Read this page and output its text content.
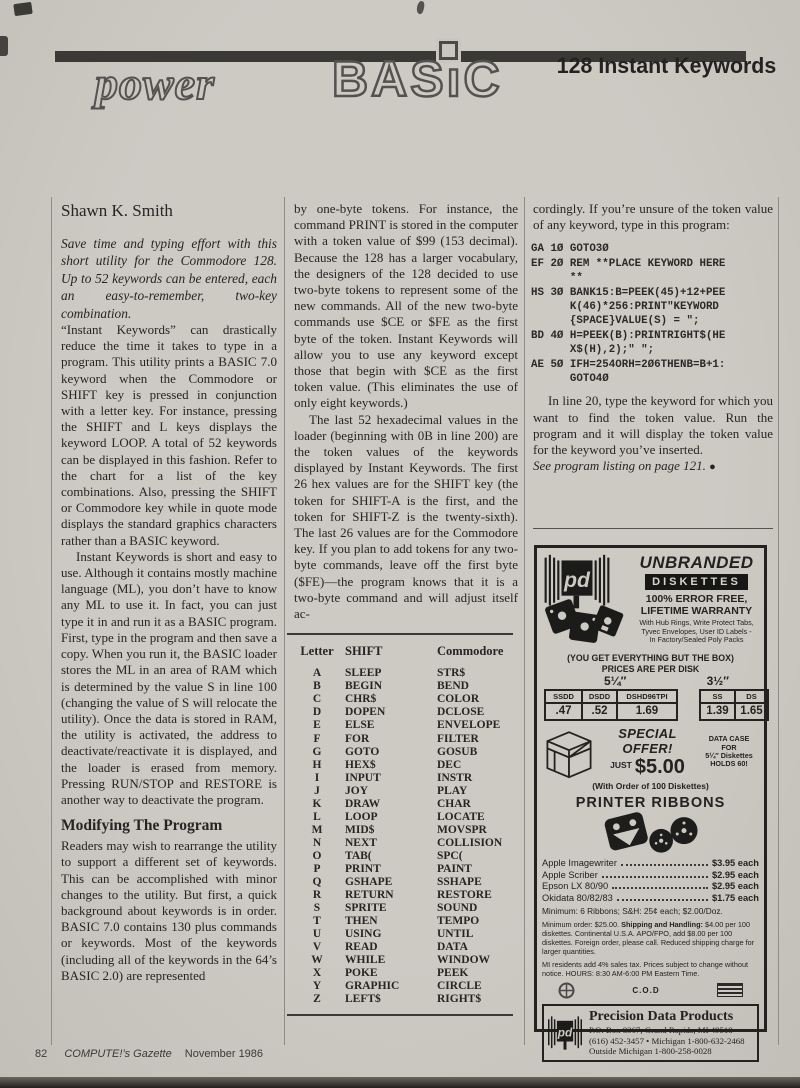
power BASıC 128 Instant Keywords
Shawn K. Smith

Save time and typing effort with this short utility for the Commodore 128. Up to 52 keywords can be entered, each an easy-to-remember, two-key combination.

“Instant Keywords” can drastically reduce the time it takes to type in a program. This utility prints a BASIC 7.0 keyword when the Commodore or SHIFT key is pressed in conjunction with a letter key. For instance, pressing the SHIFT and L keys displays the keyword LOOP. A total of 52 keywords can be displayed in this fashion. Refer to the chart for a list of the key combinations. Also, pressing the SHIFT or Commodore key while in quote mode displays the standard graphics characters rather than a BASIC keyword.

Instant Keywords is short and easy to use. Although it contains mostly machine language (ML), you don’t have to know any ML to use it. In fact, you can just type it in and run it as a BASIC program. First, type in the program and then save a copy. When you run it, the BASIC loader stores the ML in an area of RAM which is determined by the value S in line 100 (changing the value of S will relocate the utility). Once the data is stored in RAM, the utility is activated, the address to deactivate/reactivate it is displayed, and the loader is erased from memory. Pressing RUN/STOP and RESTORE is another way to deactivate the program.

Modifying The Program

Readers may wish to rearrange the utility to support a different set of keywords. This can be accomplished with minor changes to the utility. But first, a quick background about keywords is in order. BASIC 7.0 contains 130 plus commands or keywords. Most of the keywords (including all of the keywords in the 64’s BASIC 2.0) are represented

by one-byte tokens. For instance, the command PRINT is stored in the computer with a token value of $99 (153 decimal). Because the 128 has a larger vocabulary, the designers of the 128 decided to use two-byte tokens to represent some of the new commands. All of the new two-byte commands use $CE or $FE as the first byte of the token. Instant Keywords will allow you to use any keyword except those that begin with $CE as the first token value. (This eliminates the use of only eight keywords.)

The last 52 hexadecimal values in the loader (beginning with 0B in line 200) are the token values of the keywords displayed by Instant Keywords. The first 26 hex values are for the SHIFT key (the token for SHIFT-A is the first, and the token for SHIFT-Z is the twenty-sixth). The last 26 values are for the Commodore key. If you plan to add tokens for any two-byte commands, leave off the first byte ($FE)—the program knows that it is a two-byte command and will adjust itself ac-

Letter SHIFT	Commodore
A	SLEEP	STR$
B	BEGIN	BEND
C	CHR$	COLOR
D	DOPEN	DCLOSE
E	ELSE	ENVELOPE
F	FOR	FILTER
G	GOTO	GOSUB
H	HEX$	DEC
I	INPUT	INSTR
J	JOY	PLAY
K	DRAW	CHAR
L	LOOP	LOCATE
M	MID$	MOVSPR
N	NEXT	COLLISION
O	TAB(	SPC(
P	PRINT	PAINT
Q	GSHAPE	SSHAPE
R	RETURN	RESTORE
S	SPRITE	SOUND
T	THEN	TEMPO
U	USING	UNTIL
V	READ	DATA
W	WHILE	WINDOW
X	POKE	PEEK
Y	GRAPHIC	CIRCLE
Z	LEFT$	RIGHT$

cordingly. If you’re unsure of the token value of any keyword, type in this program:

GA 1Ø GOTO3Ø
EF 2Ø REM **PLACE KEYWORD HERE
**
HS 3Ø BANK15:B=PEEK(45)+12+PEE
K(46)*256:PRINT"KEYWORD
{SPACE}VALUE(S) = ";
BD 4Ø H=PEEK(B):PRINTRIGHT$(HE
X$(H),2);" ";
AE 5Ø IFH=254ORH=2Ø6THENB=B+1:
GOTO4Ø

In line 20, type the keyword for which you want to find the token value. Run the program and it will display the token value for the keyword you’ve inserted.

See program listing on page 121. ●

pd
UNBRANDED
DISKETTES
100% ERROR FREE,
LIFETIME WARRANTY
With Hub Rings, Write Protect Tabs,
Tyvec Envelopes, User ID Labels -
In Factory/Sealed Poly Packs
(YOU GET EVERYTHING BUT THE BOX)
PRICES ARE PER DISK
5¼″	3½″
SSDD	DSDD	DSHD96TPI
.47	.52	1.69
SS	DS
1.39	1.65
SPECIAL OFFER!
$^{JUST}$ $5.00
DATA CASE
FOR
5¼″ Diskettes
HOLDS 60!
(With Order of 100 Diskettes)
PRINTER RIBBONS
Apple Imagewriter	$3.95 each
Apple Scriber	$2.95 each
Epson LX 80/90	$2.95 each
Okidata 80/82/83	$1.75 each
Minimum: 6 Ribbons; S&H: 25¢ each; $2.00/Doz.
Minimum order: $25.00. Shipping and Handling: $4.00 per 100 diskettes. Continental U.S.A. APO/FPO, add $8.00 per 100 diskettes. Foreign order, please call. Reduced shipping charge for larger quantities.
MI residents add 4% sales tax. Prices subject to change without notice. HOURS: 8:30 AM-6:00 PM Eastern Time.
C.O.D
pd
Precision Data Products
P.O. Box 8367, Grand Rapids, MI 49518
(616) 452-3457 • Michigan 1-800-632-2468
Outside Michigan 1-800-258-0028
82 COMPUTE!’s Gazette November 1986
